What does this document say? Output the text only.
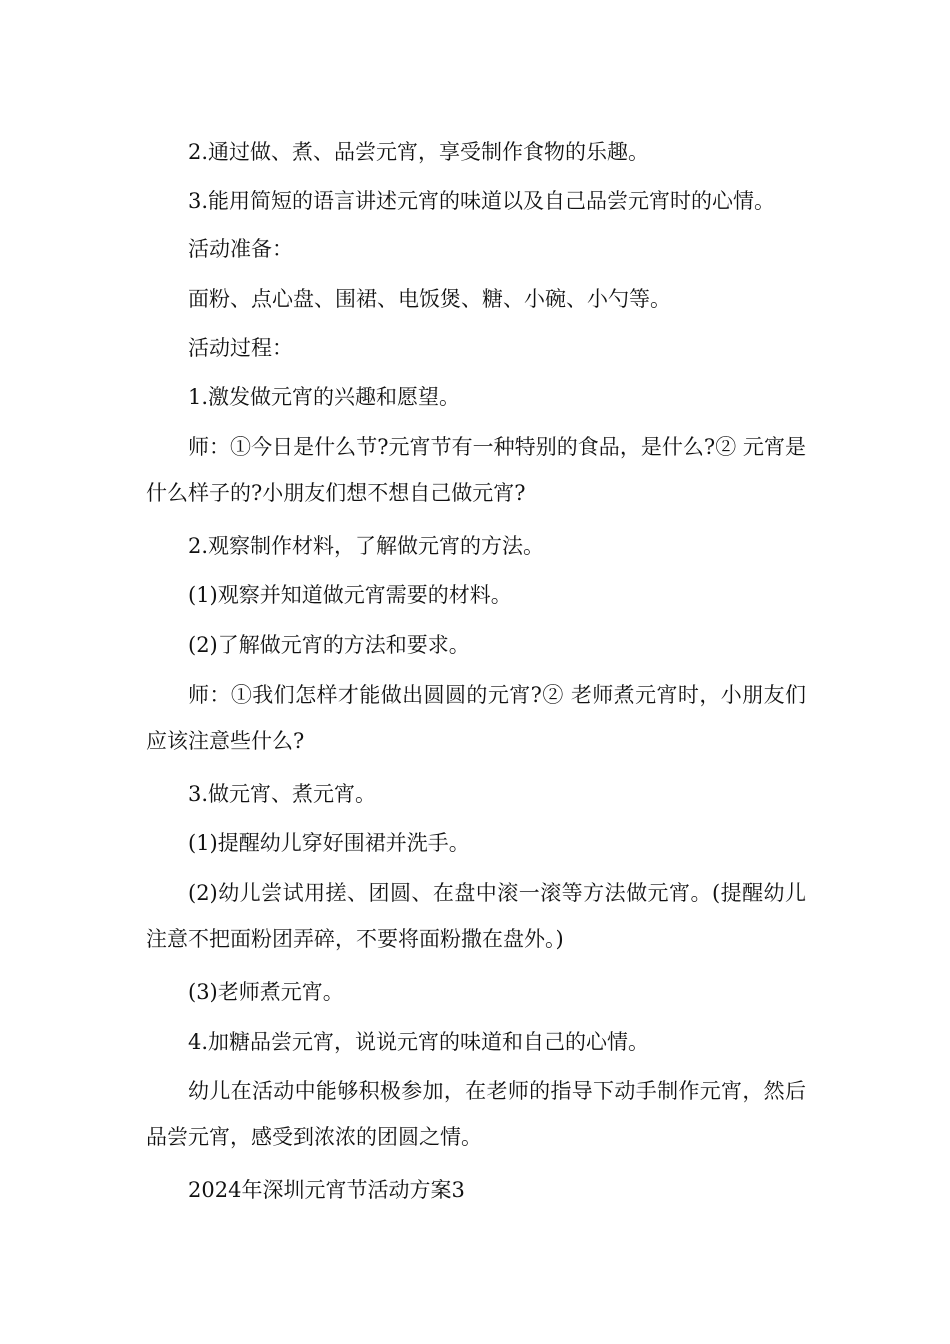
2.通过做、煮、品尝元宵，享受制作食物的乐趣。

3.能用简短的语言讲述元宵的味道以及自己品尝元宵时的心情。

活动准备：

面粉、点心盘、围裙、电饭煲、糖、小碗、小勺等。

活动过程：

1.激发做元宵的兴趣和愿望。

师：①今日是什么节?元宵节有一种特别的食品，是什么?② 元宵是什么样子的?小朋友们想不想自己做元宵?

2.观察制作材料，了解做元宵的方法。

(1)观察并知道做元宵需要的材料。

(2)了解做元宵的方法和要求。

师：①我们怎样才能做出圆圆的元宵?② 老师煮元宵时，小朋友们应该注意些什么?

3.做元宵、煮元宵。

(1)提醒幼儿穿好围裙并洗手。

(2)幼儿尝试用搓、团圆、在盘中滚一滚等方法做元宵。(提醒幼儿注意不把面粉团弄碎，不要将面粉撒在盘外。)

(3)老师煮元宵。

4.加糖品尝元宵，说说元宵的味道和自己的心情。

幼儿在活动中能够积极参加，在老师的指导下动手制作元宵，然后品尝元宵，感受到浓浓的团圆之情。

2024年深圳元宵节活动方案3
